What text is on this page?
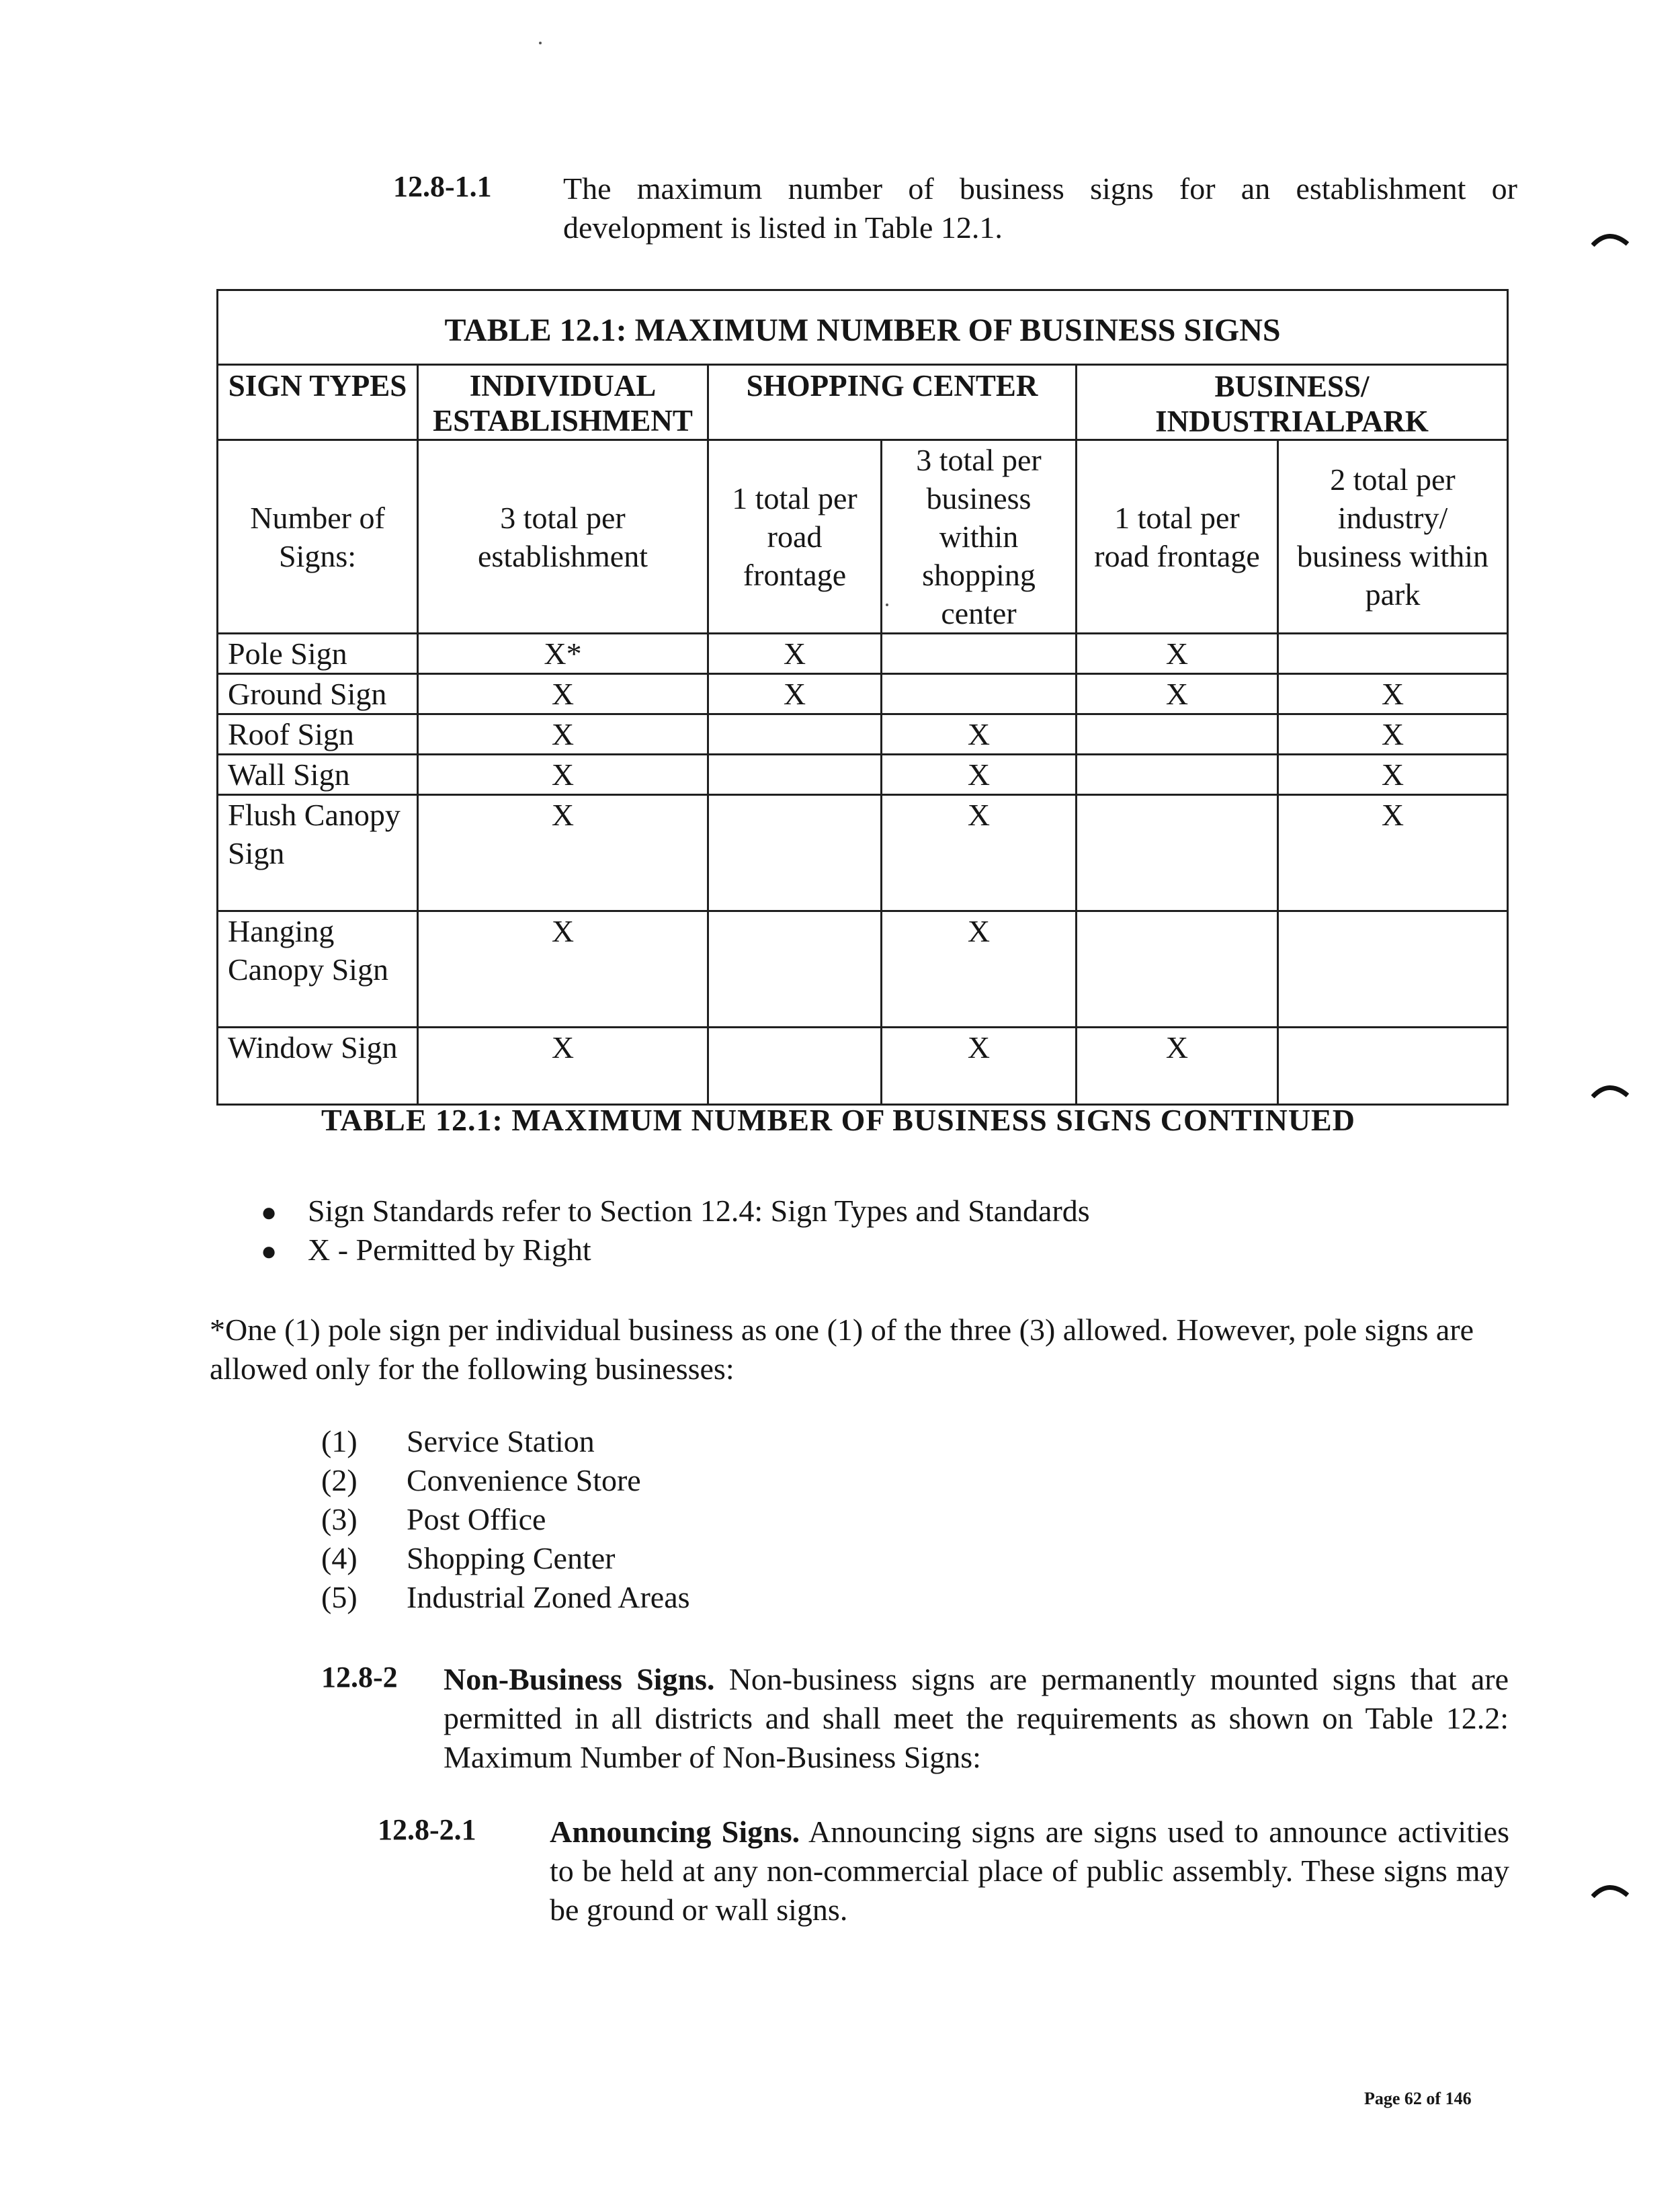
12.8-1.1 The maximum number of business signs for an establishment or development is listed in Table 12.1.
TABLE 12.1: MAXIMUM NUMBER OF BUSINESS SIGNS					
SIGN TYPES	INDIVIDUAL ESTABLISHMENT	SHOPPING CENTER		BUSINESS/ INDUSTRIALPARK	
Number of Signs:	3 total per establishment	1 total per road frontage	3 total per business within shopping center	1 total per road frontage	2 total per industry/ business within park
Pole Sign	X*	X		X	
Ground Sign	X	X		X	X
Roof Sign	X		X		X
Wall Sign	X		X		X
Flush Canopy Sign	X		X		X
Hanging Canopy Sign	X		X		
Window Sign	X		X	X	
TABLE 12.1: MAXIMUM NUMBER OF BUSINESS SIGNS CONTINUED
● Sign Standards refer to Section 12.4: Sign Types and Standards
● X - Permitted by Right
*One (1) pole sign per individual business as one (1) of the three (3) allowed. However, pole signs are allowed only for the following businesses:
(1) Service Station
(2) Convenience Store
(3) Post Office
(4) Shopping Center
(5) Industrial Zoned Areas
12.8-2 Non-Business Signs. Non-business signs are permanently mounted signs that are permitted in all districts and shall meet the requirements as shown on Table 12.2: Maximum Number of Non-Business Signs:
12.8-2.1 Announcing Signs. Announcing signs are signs used to announce activities to be held at any non-commercial place of public assembly. These signs may be ground or wall signs.
Page 62 of 146
